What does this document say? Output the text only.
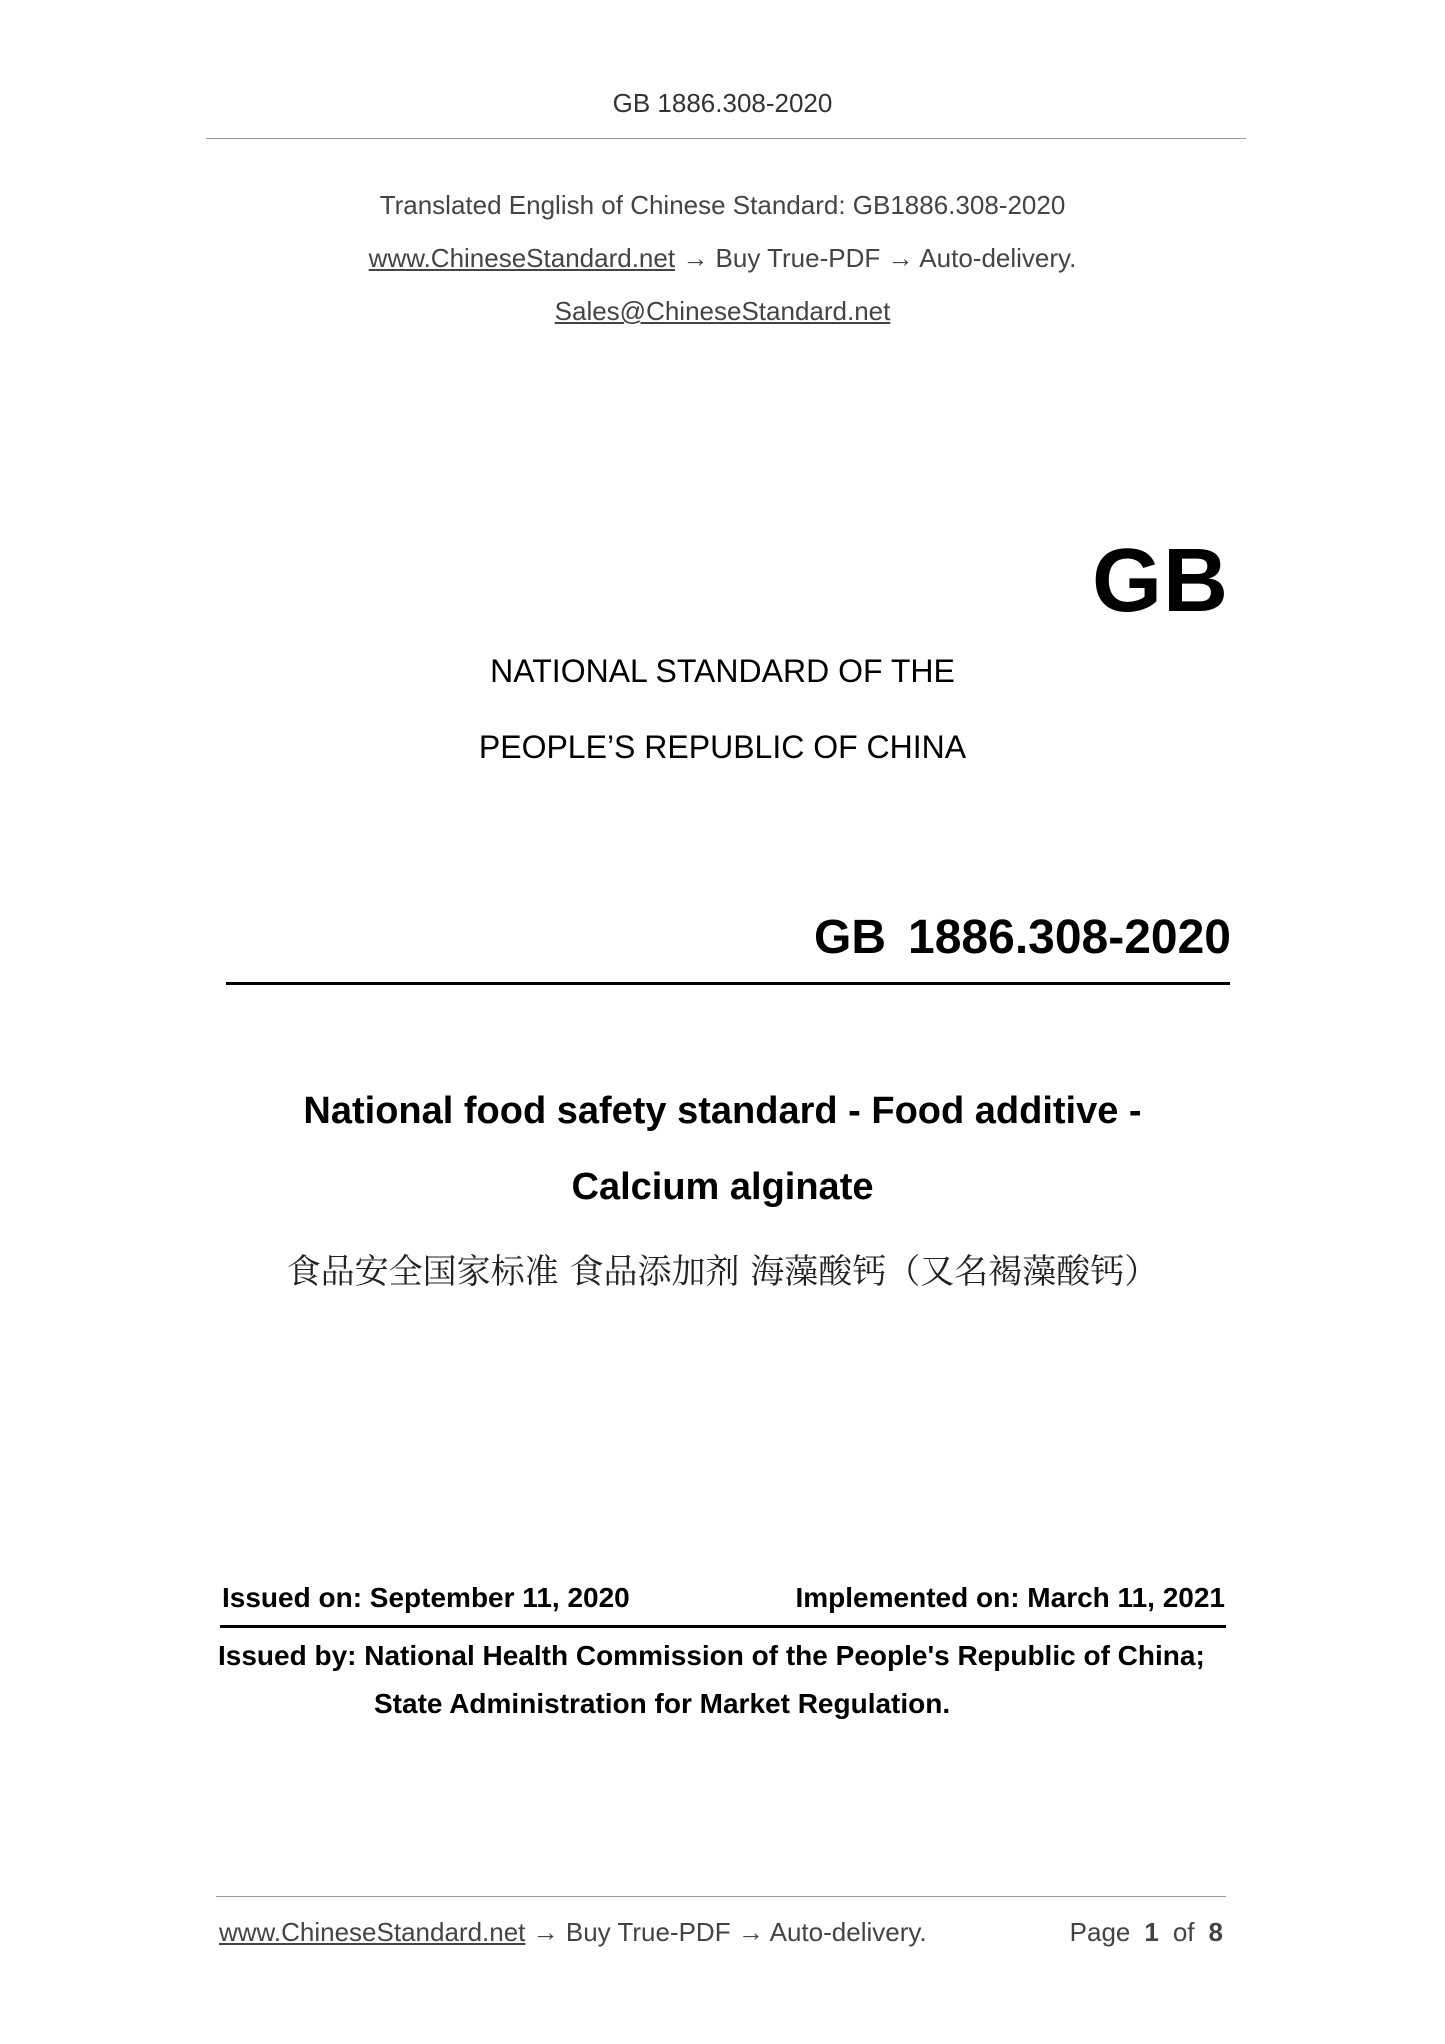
GB 1886.308-2020
Translated English of Chinese Standard: GB1886.308-2020
www.ChineseStandard.net → Buy True-PDF → Auto-delivery.
Sales@ChineseStandard.net
GB
NATIONAL STANDARD OF THE
PEOPLE’S REPUBLIC OF CHINA
GB 1886.308-2020
National food safety standard - Food additive -
Calcium alginate
食品安全国家标准 食品添加剂 海藻酸钙（又名褐藻酸钙）
Issued on: September 11, 2020	Implemented on: March 11, 2021
Issued by: National Health Commission of the People's Republic of China;
State Administration for Market Regulation.
www.ChineseStandard.net → Buy True-PDF → Auto-delivery.	Page 1 of 8
